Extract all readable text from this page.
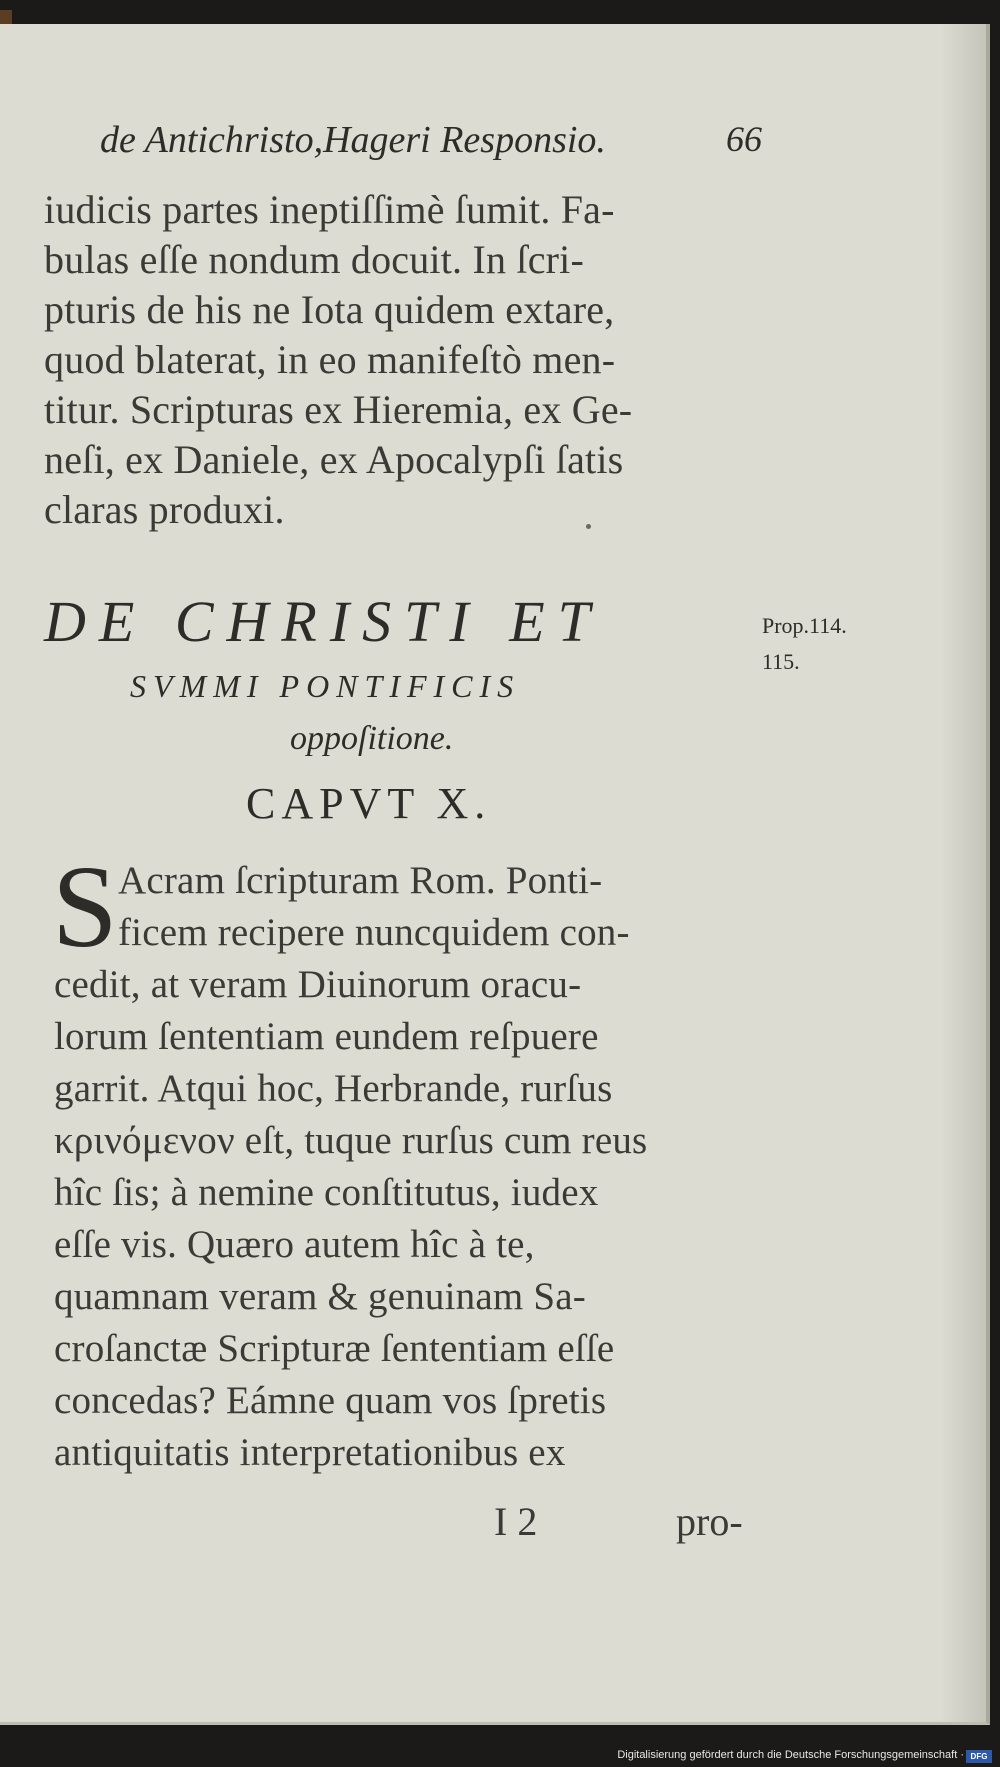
de Antichristo,Hageri Responsio.	66
iudicis partes ineptiſſimè ſumit. Fa-
bulas eſſe nondum docuit. In ſcri-
pturis de his ne Iota quidem extare,
quod blaterat, in eo manifeſtò men-
titur. Scripturas ex Hieremia, ex Ge-
neſi, ex Daniele, ex Apocalypſi ſatis
claras produxi.
DE CHRISTI ET
SVMMI PONTIFICIS
oppoſitione.
CAPVT X.
Prop.114.
115.
S Acram ſcripturam Rom. Ponti-
ficem recipere nuncquidem con-
cedit, at veram Diuinorum oracu-
lorum ſententiam eundem reſpuere
garrit. Atqui hoc, Herbrande, rurſus
κρινόμενον eſt, tuque rurſus cum reus
hîc ſis; à nemine conſtitutus, iudex
eſſe vis. Quæro autem hîc à te,
quamnam veram & genuinam Sa-
croſanctæ Scripturæ ſententiam eſſe
concedas? Eámne quam vos ſpretis
antiquitatis interpretationibus ex
I 2	pro-
Digitalisierung gefördert durch die Deutsche Forschungsgemeinschaft · DFG
